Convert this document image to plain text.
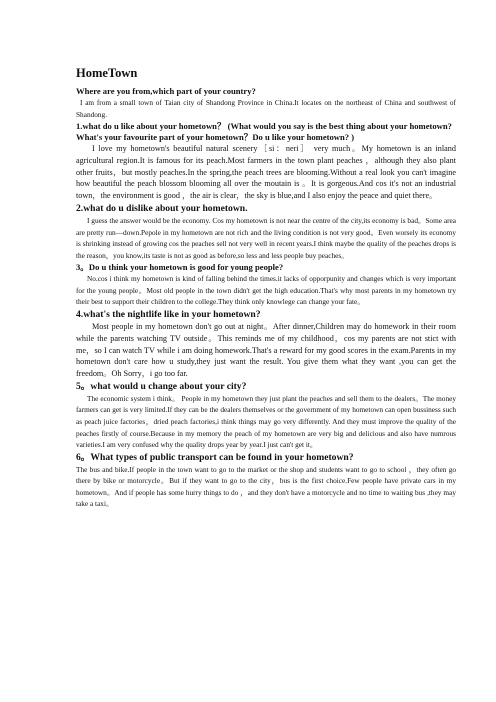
HomeTown
Where are you from,which part of your country?

I am from a small town of Taian city of Shandong Province in China.It locates on the northeast of China and southwest of Shandong.

1.what do u like about your hometown？ (What would you say is the best thing about your hometown? What's your favourite part of your hometown？Do u like your hometown? )

I love my hometown's beautiful natural scenery［si：neri］ very much。My hometown is an inland agricultural region.It is famous for its peach.Most farmers in the town plant peaches ，although they also plant other fruits，but mostly peaches.In the spring,the peach trees are blooming.Without a real look you can't imagine how beautiful the peach blossom blooming all over the moutain is 。It is gorgeous.And cos it's not an industrial town，the environment is good ，the air is clear，the sky is blue,and I also enjoy the peace and quiet there。

2.what do u dislike about your hometown.

I guess the answer would be the economy. Cos my hometown is not near the centre of the city,its economy is bad。Some area are pretty run—down.Pepole in my hometown are not rich and the living condition is not very good。Even worsely its economy is shrinking instead of growing cos the peaches sell not very well in recent years.I think maybe the quality of the peaches drops is the reason，you know,its taste is not as good as before,so less and less people buy peaches。

3。Do u think your hometown is good for young people?

No.cos i think my hometown is kind of falling behind the times.it lacks of opporpunity and changes which is very important for the young people。Most old people in the town didn't get the high education.That's why most parents in my hometown try their best to support their children to the college.They think only knowlege can change your fate。

4.what's the nightlife like in your hometown?

Most people in my hometown don't go out at night。After dinner,Children may do homework in their room while the parents watching TV outside。This reminds me of my childhood，cos my parents are not stict with me，so I can watch TV while i am doing homework.That's a reward for my good scores in the exam.Parents in my hometown don't care how u study,they just want the result. You give them what they want ,you can get the freedom。Oh Sorry，i go too far.

5。what would u change about your city?

The economic system i think。 People in my hometown they just plant the peaches and sell them to the dealers。The money farmers can get is very limited.If they can be the dealers themselves or the government of my hometown can open bussiness such as peach juice factories，dried peach factories,i think things may go very differently. And they must improve the quality of the peaches firstly of course.Because in my memory the peach of my hometown are very big and delicious and also have numrous varieties.I am very confused why the quality drops year by year.I just can't get it。

6。What types of public transport can be found in your hometown?

The bus and bike.If people in the town want to go to the market or the shop and students want to go to school ，they often go there by bike or motorcycle。But if they want to go to the city，bus is the first choice.Few people have private cars in my hometown。And if people has some hurry things to do ，and they don't have a motorcycle and no time to waiting bus ,they may take a taxi。
